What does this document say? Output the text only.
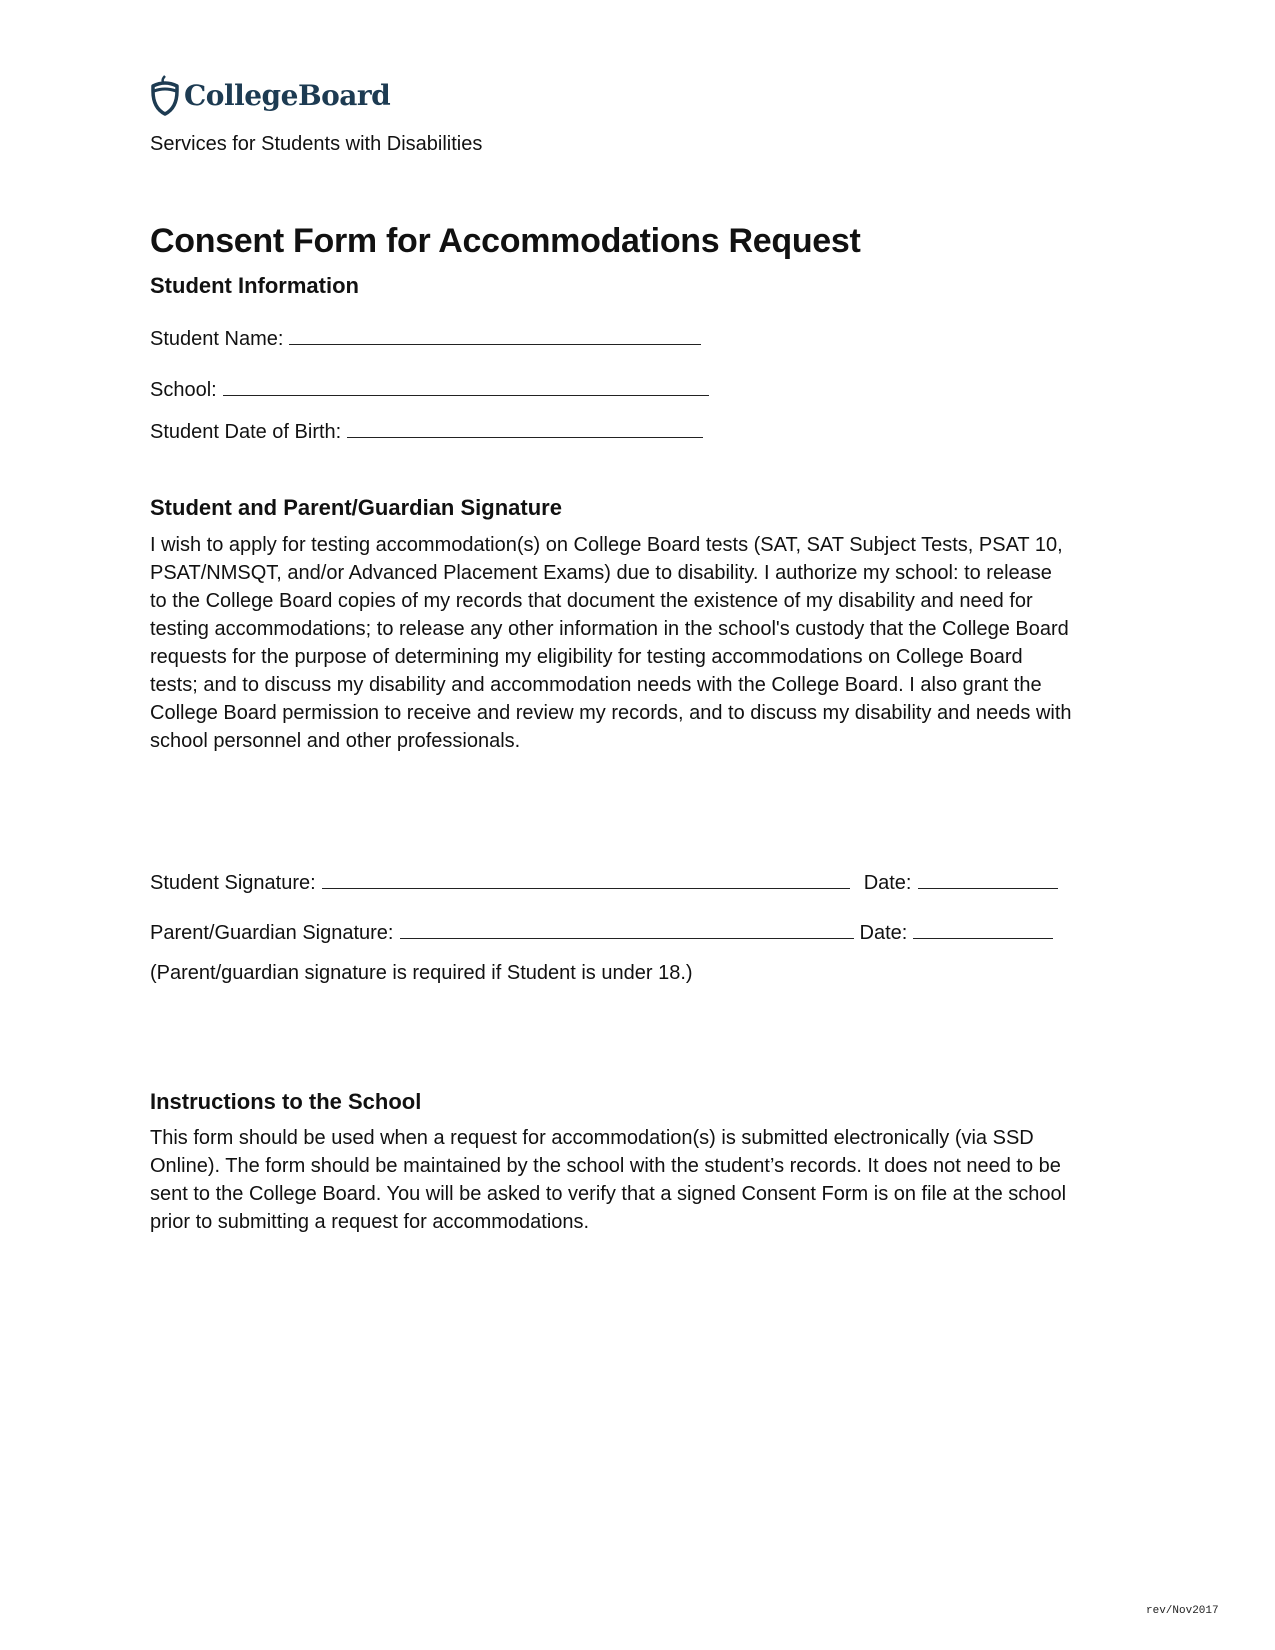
CollegeBoard
Services for Students with Disabilities
Consent Form for Accommodations Request
Student Information
Student Name:
School:
Student Date of Birth:
Student and Parent/Guardian Signature
I wish to apply for testing accommodation(s) on College Board tests (SAT, SAT Subject Tests, PSAT 10,
PSAT/NMSQT, and/or Advanced Placement Exams) due to disability. I authorize my school: to release
to the College Board copies of my records that document the existence of my disability and need for
testing accommodations; to release any other information in the school's custody that the College Board
requests for the purpose of determining my eligibility for testing accommodations on College Board
tests; and to discuss my disability and accommodation needs with the College Board. I also grant the
College Board permission to receive and review my records, and to discuss my disability and needs with
school personnel and other professionals.
Student Signature:	Date:
Parent/Guardian Signature:	Date:
(Parent/guardian signature is required if Student is under 18.)
Instructions to the School
This form should be used when a request for accommodation(s) is submitted electronically (via SSD
Online). The form should be maintained by the school with the student’s records. It does not need to be
sent to the College Board. You will be asked to verify that a signed Consent Form is on file at the school
prior to submitting a request for accommodations.
rev/Nov2017
